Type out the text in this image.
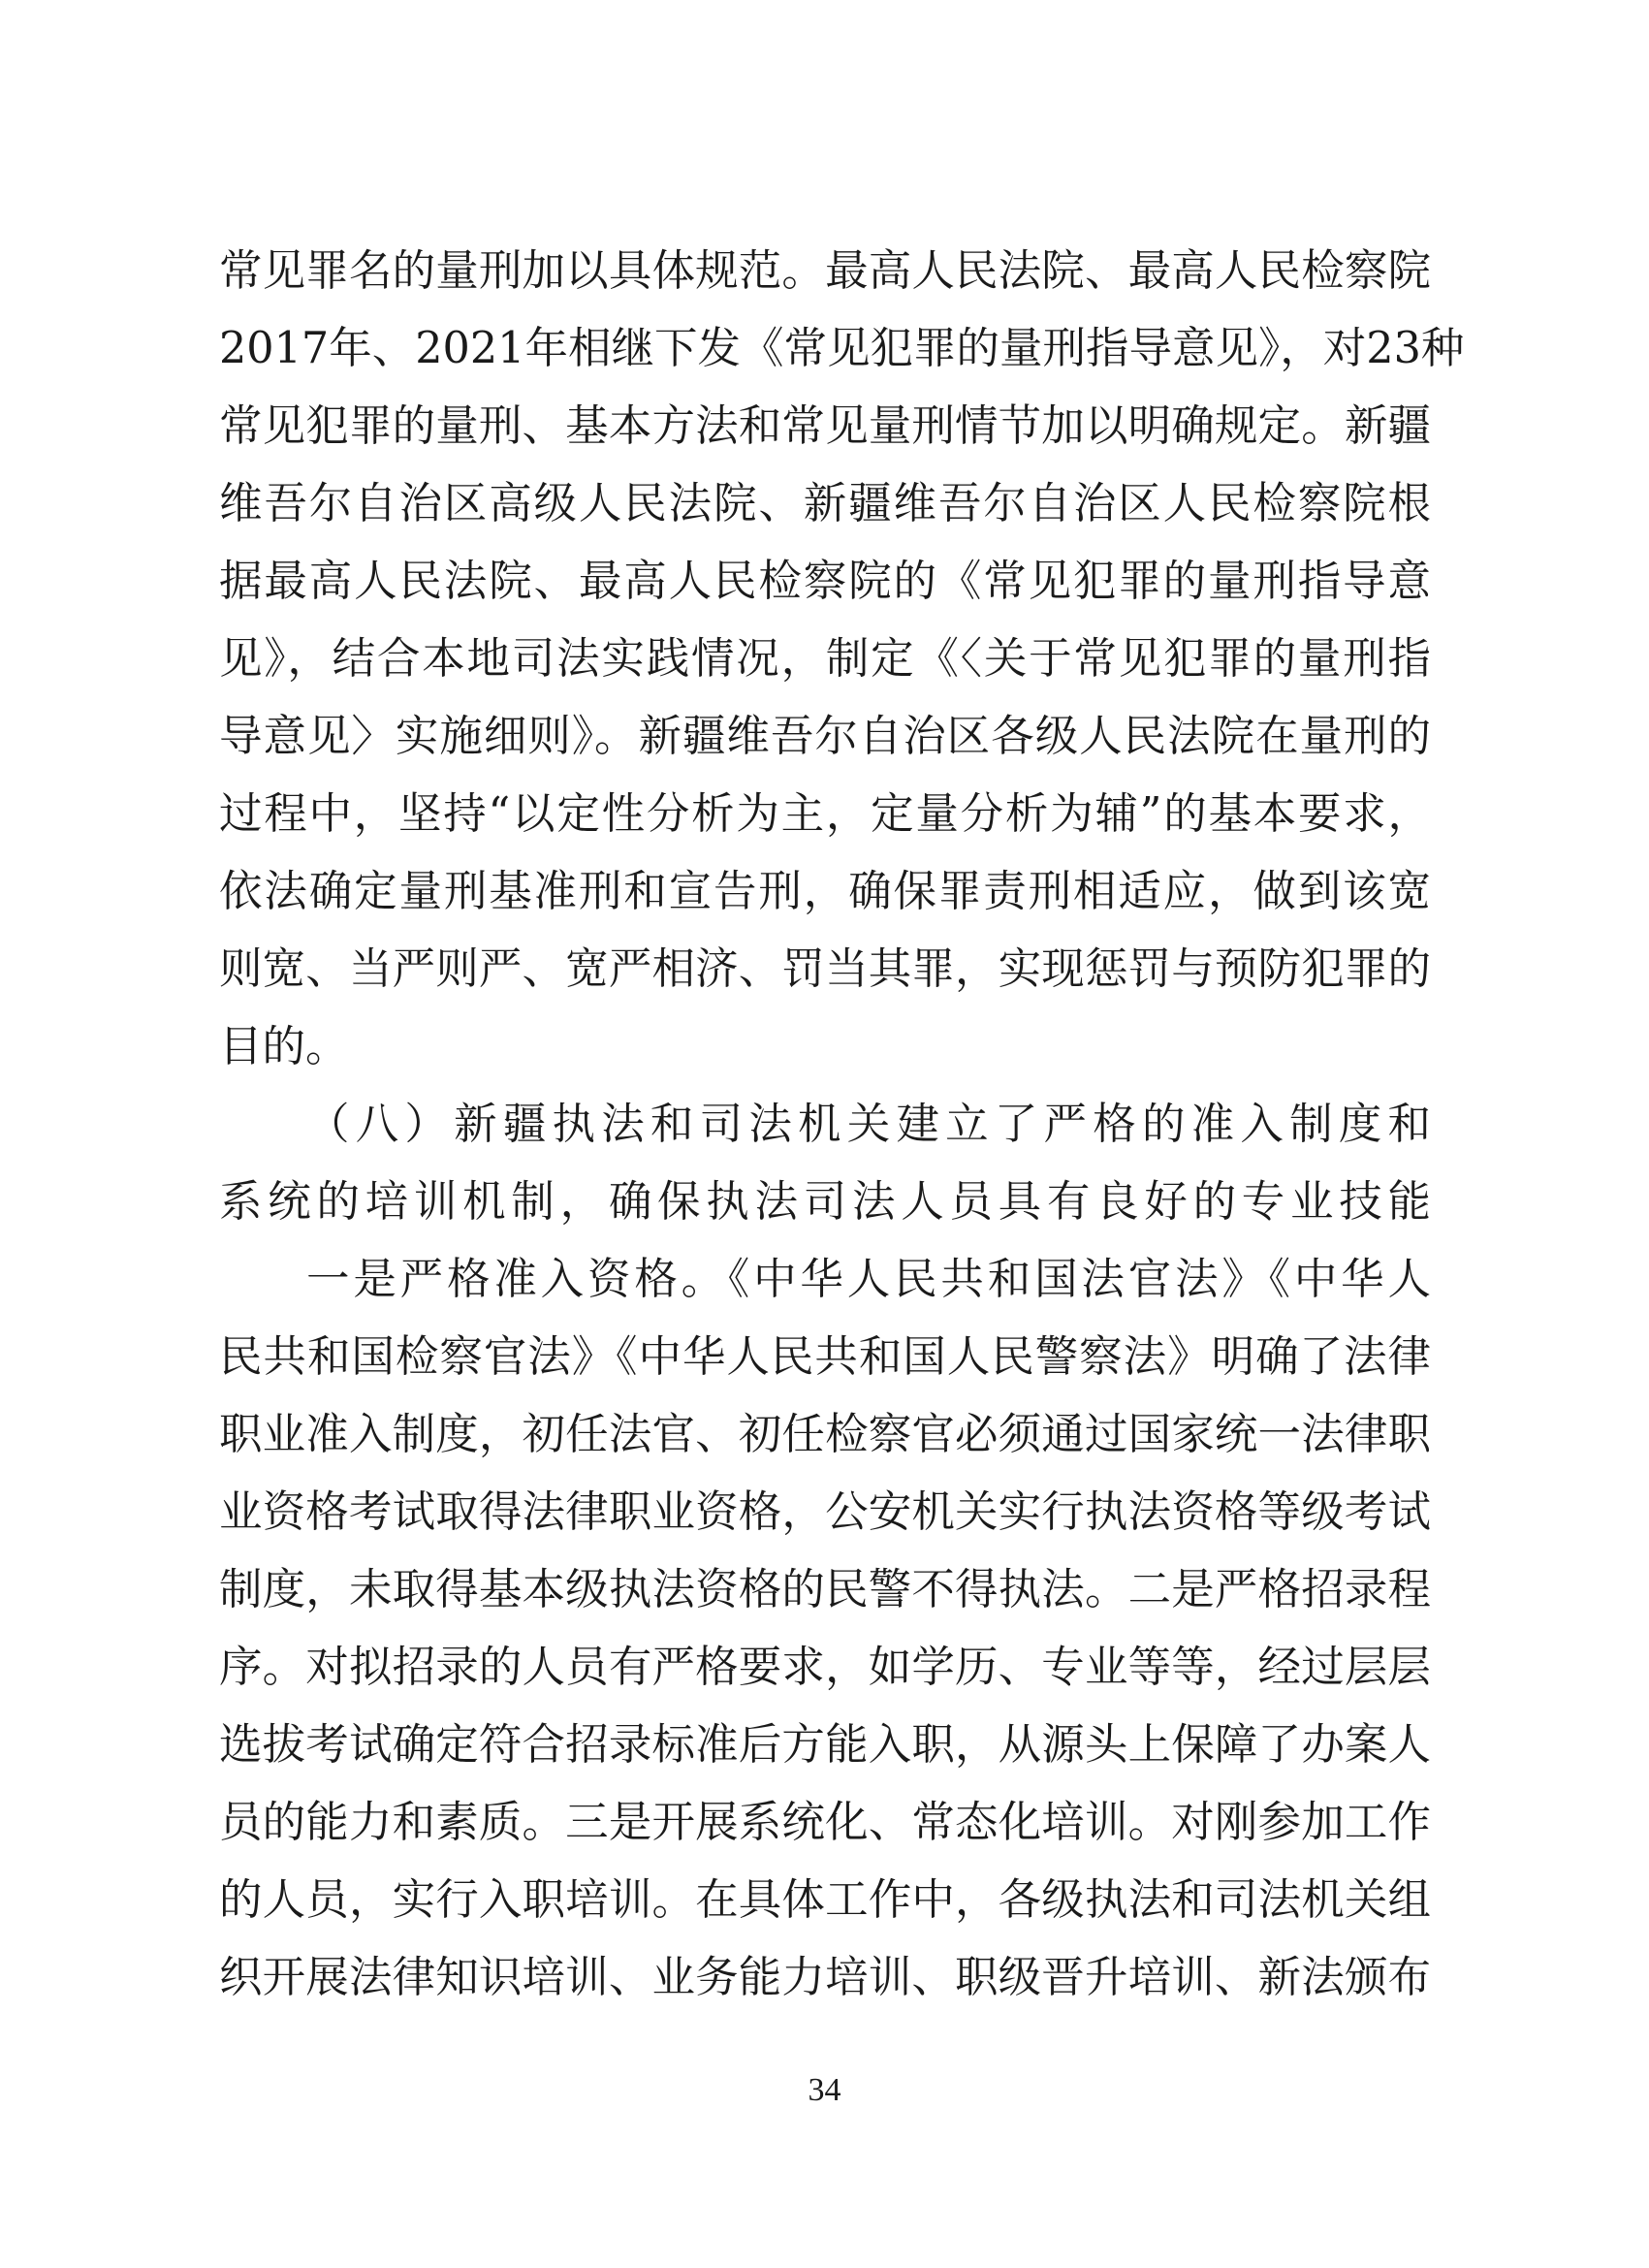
常见罪名的量刑加以具体规范。最高人民法院、最高人民检察院
2017年、2021年相继下发《常见犯罪的量刑指导意见》，对23种
常见犯罪的量刑、基本方法和常见量刑情节加以明确规定。新疆
维吾尔自治区高级人民法院、新疆维吾尔自治区人民检察院根
据最高人民法院、最高人民检察院的《常见犯罪的量刑指导意
见》，结合本地司法实践情况，制定《〈关于常见犯罪的量刑指
导意见〉实施细则》。新疆维吾尔自治区各级人民法院在量刑的
过程中，坚持“以定性分析为主，定量分析为辅”的基本要求，
依法确定量刑基准刑和宣告刑，确保罪责刑相适应，做到该宽
则宽、当严则严、宽严相济、罚当其罪，实现惩罚与预防犯罪的
目的。
（八）新疆执法和司法机关建立了严格的准入制度和
系统的培训机制，确保执法司法人员具有良好的专业技能
一是严格准入资格。《中华人民共和国法官法》《中华人
民共和国检察官法》《中华人民共和国人民警察法》明确了法律
职业准入制度，初任法官、初任检察官必须通过国家统一法律职
业资格考试取得法律职业资格，公安机关实行执法资格等级考试
制度，未取得基本级执法资格的民警不得执法。二是严格招录程
序。对拟招录的人员有严格要求，如学历、专业等等，经过层层
选拔考试确定符合招录标准后方能入职，从源头上保障了办案人
员的能力和素质。三是开展系统化、常态化培训。对刚参加工作
的人员，实行入职培训。在具体工作中，各级执法和司法机关组
织开展法律知识培训、业务能力培训、职级晋升培训、新法颁布
34
